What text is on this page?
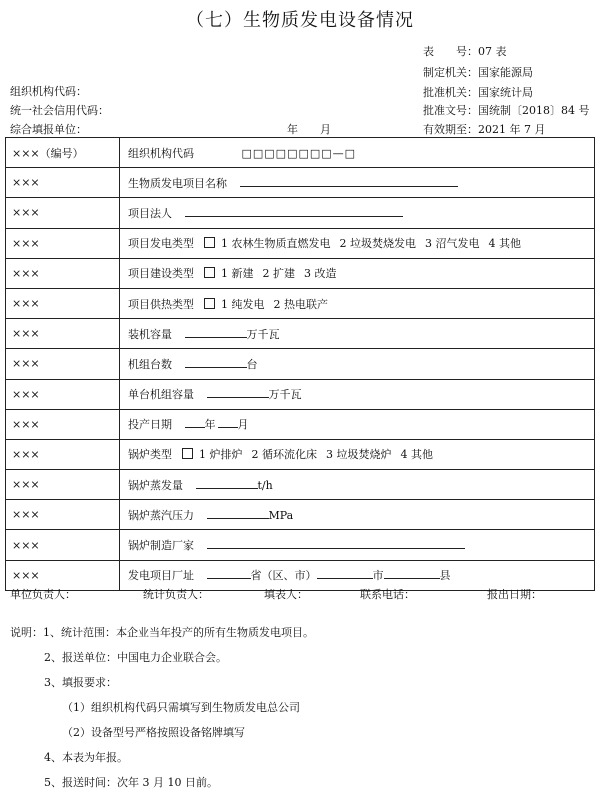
（七）生物质发电设备情况
表　　号：07 表
制定机关：国家能源局
批准机关：国家统计局
批准文号：国统制〔2018〕84 号
有效期至：2021 年 7 月
组织机构代码：
统一社会信用代码：
综合填报单位：	年　　月
×××（编号）	组织机构代码 □□□□□□□□—□
×××	生物质发电项目名称
×××	项目法人
×××	项目发电类型 1 农林生物质直燃发电 2 垃圾焚烧发电 3 沼气发电 4 其他
×××	项目建设类型 1 新建 2 扩建 3 改造
×××	项目供热类型 1 纯发电 2 热电联产
×××	装机容量 万千瓦
×××	机组台数 台
×××	单台机组容量 万千瓦
×××	投产日期 年 月
×××	锅炉类型 1 炉排炉 2 循环流化床 3 垃圾焚烧炉 4 其他
×××	锅炉蒸发量 t/h
×××	锅炉蒸汽压力 MPa
×××	锅炉制造厂家
×××	发电项目厂址 省（区、市） 市 县
单位负责人：	统计负责人：	填表人：	联系电话：	报出日期：
说明：1、统计范围：本企业当年投产的所有生物质发电项目。
2、报送单位：中国电力企业联合会。
3、填报要求：
（1）组织机构代码只需填写到生物质发电总公司
（2）设备型号严格按照设备铭牌填写
4、本表为年报。
5、报送时间：次年 3 月 10 日前。
